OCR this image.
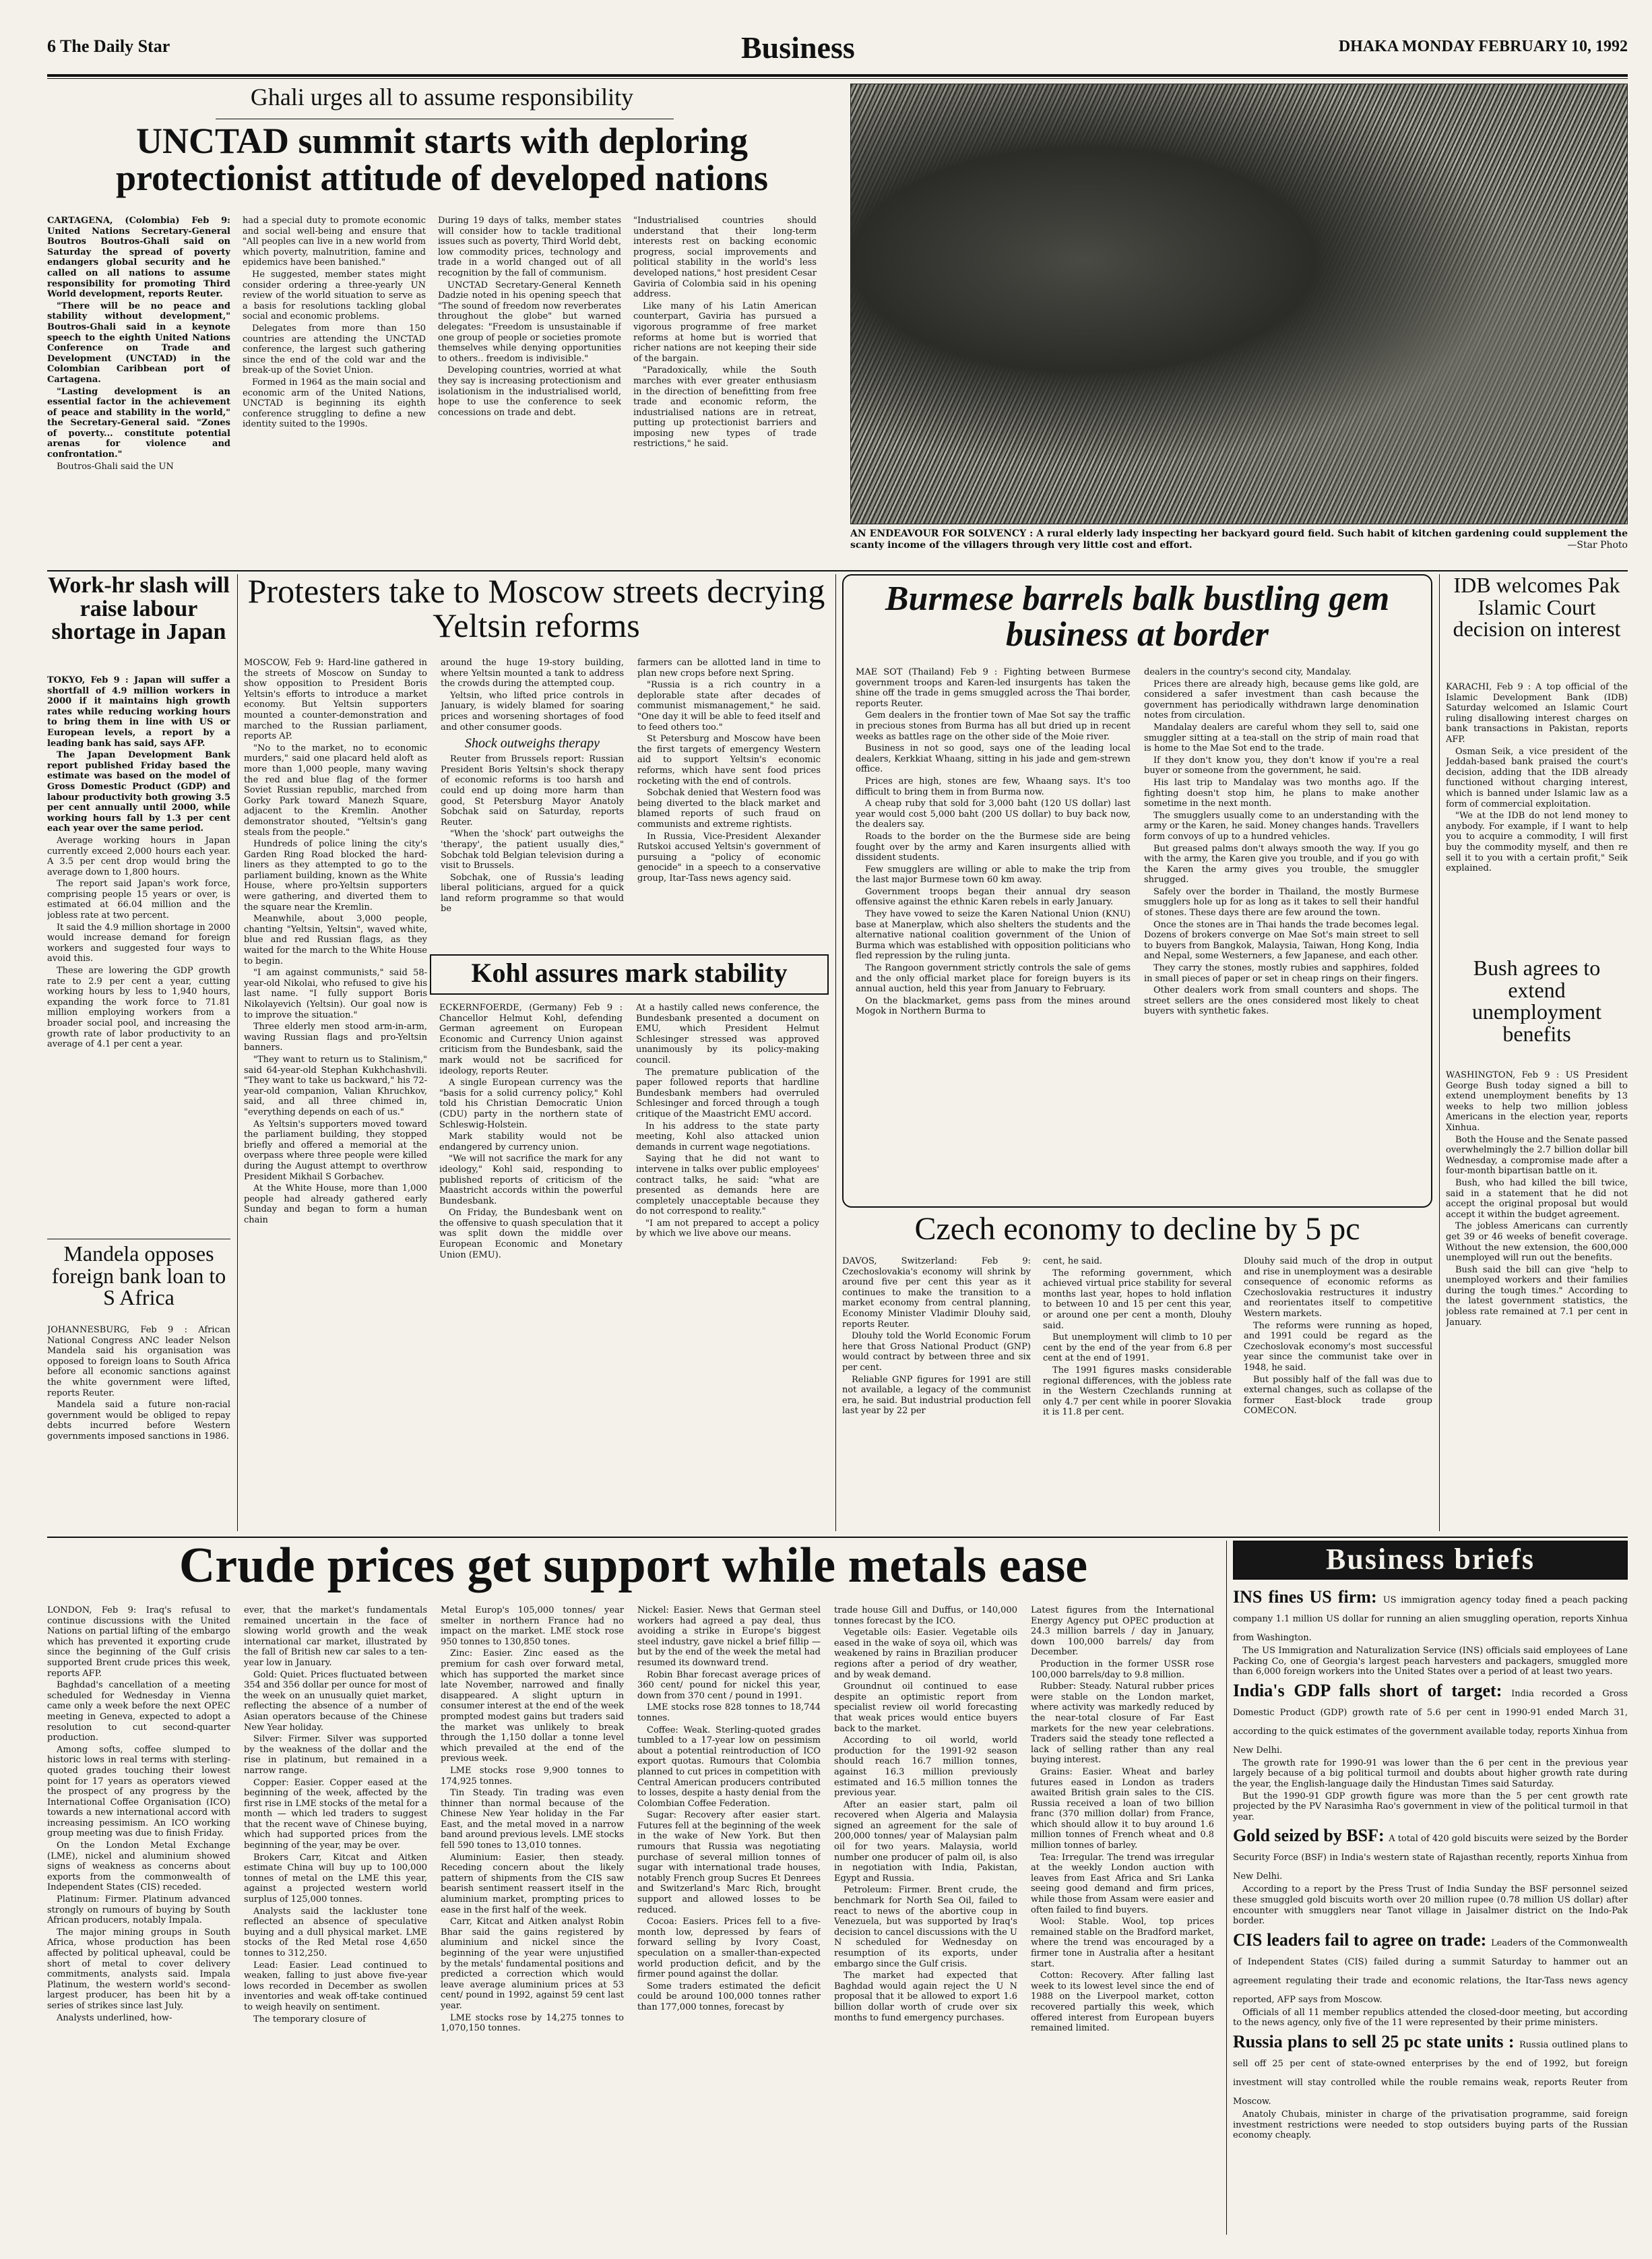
6 The Daily Star	Business	DHAKA MONDAY FEBRUARY 10, 1992
Ghali urges all to assume responsibility
UNCTAD summit starts with deploring protectionist attitude of developed nations

CARTAGENA, (Colombia) Feb 9: United Nations Secretary-General Boutros Boutros-Ghali said on Saturday the spread of poverty endangers global security and he called on all nations to assume responsibility for promoting Third World development, reports Reuter.

"There will be no peace and stability without development," Boutros-Ghali said in a keynote speech to the eighth United Nations Conference on Trade and Development (UNCTAD) in the Colombian Caribbean port of Cartagena.

"Lasting development is an essential factor in the achievement of peace and stability in the world," the Secretary-General said. "Zones of poverty... constitute potential arenas for violence and confrontation."

Boutros-Ghali said the UN

had a special duty to promote economic and social well-being and ensure that "All peoples can live in a new world from which poverty, malnutrition, famine and epidemics have been banished."

He suggested, member states might consider ordering a three-yearly UN review of the world situation to serve as a basis for resolutions tackling global social and economic problems.

Delegates from more than 150 countries are attending the UNCTAD conference, the largest such gathering since the end of the cold war and the break-up of the Soviet Union.

Formed in 1964 as the main social and economic arm of the United Nations, UNCTAD is beginning its eighth conference struggling to define a new identity suited to the 1990s.

During 19 days of talks, member states will consider how to tackle traditional issues such as poverty, Third World debt, low commodity prices, technology and trade in a world changed out of all recognition by the fall of communism.

UNCTAD Secretary-General Kenneth Dadzie noted in his opening speech that "The sound of freedom now reverberates throughout the globe" but warned delegates: "Freedom is unsustainable if one group of people or societies promote themselves while denying opportunities to others.. freedom is indivisible."

Developing countries, worried at what they say is increasing protectionism and isolationism in the industrialised world, hope to use the conference to seek concessions on trade and debt.

"Industrialised countries should understand that their long-term interests rest on backing economic progress, social improvements and political stability in the world's less developed nations," host president Cesar Gaviria of Colombia said in his opening address.

Like many of his Latin American counterpart, Gaviria has pursued a vigorous programme of free market reforms at home but is worried that richer nations are not keeping their side of the bargain.

"Paradoxically, while the South marches with ever greater enthusiasm in the direction of benefitting from free trade and economic reform, the industrialised nations are in retreat, putting up protectionist barriers and imposing new types of trade restrictions," he said.

AN ENDEAVOUR FOR SOLVENCY : A rural elderly lady inspecting her backyard gourd field. Such habit of kitchen gardening could supplement the scanty income of the villagers through very little cost and effort.	—Star Photo
Work-hr slash will raise labour shortage in Japan

TOKYO, Feb 9 : Japan will suffer a shortfall of 4.9 million workers in 2000 if it maintains high growth rates while reducing working hours to bring them in line with US or European levels, a report by a leading bank has said, says AFP.

The Japan Development Bank report published Friday based the estimate was based on the model of Gross Domestic Product (GDP) and labour productivity both growing 3.5 per cent annually until 2000, while working hours fall by 1.3 per cent each year over the same period.

Average working hours in Japan currently exceed 2,000 hours each year. A 3.5 per cent drop would bring the average down to 1,800 hours.

The report said Japan's work force, comprising people 15 years or over, is estimated at 66.04 million and the jobless rate at two percent.

It said the 4.9 million shortage in 2000 would increase demand for foreign workers and suggested four ways to avoid this.

These are lowering the GDP growth rate to 2.9 per cent a year, cutting working hours by less to 1,940 hours, expanding the work force to 71.81 million employing workers from a broader social pool, and increasing the growth rate of labor productivity to an average of 4.1 per cent a year.

Mandela opposes foreign bank loan to S Africa

JOHANNESBURG, Feb 9 : African National Congress ANC leader Nelson Mandela said his organisation was opposed to foreign loans to South Africa before all economic sanctions against the white government were lifted, reports Reuter.

Mandela said a future non-racial government would be obliged to repay debts incurred before Western governments imposed sanctions in 1986.

Protesters take to Moscow streets decrying Yeltsin reforms

MOSCOW, Feb 9: Hard-line gathered in the streets of Moscow on Sunday to show opposition to President Boris Yeltsin's efforts to introduce a market economy. But Yeltsin supporters mounted a counter-demonstration and marched to the Russian parliament, reports AP.

"No to the market, no to economic murders," said one placard held aloft as more than 1,000 people, many waving the red and blue flag of the former Soviet Russian republic, marched from Gorky Park toward Manezh Square, adjacent to the Kremlin. Another demonstrator shouted, "Yeltsin's gang steals from the people."

Hundreds of police lining the city's Garden Ring Road blocked the hard-liners as they attempted to go to the parliament building, known as the White House, where pro-Yeltsin supporters were gathering, and diverted them to the square near the Kremlin.

Meanwhile, about 3,000 people, chanting "Yeltsin, Yeltsin", waved white, blue and red Russian flags, as they waited for the march to the White House to begin.

"I am against communists," said 58-year-old Nikolai, who refused to give his last name. "I fully support Boris Nikolayevich (Yeltsin). Our goal now is to improve the situation."

Three elderly men stood arm-in-arm, waving Russian flags and pro-Yeltsin banners.

"They want to return us to Stalinism," said 64-year-old Stephan Kukhchashvili. "They want to take us backward," his 72-year-old companion, Valian Khruchkov, said, and all three chimed in, "everything depends on each of us."

As Yeltsin's supporters moved toward the parliament building, they stopped briefly and offered a memorial at the overpass where three people were killed during the August attempt to overthrow President Mikhail S Gorbachev.

At the White House, more than 1,000 people had already gathered early Sunday and began to form a human chain

around the huge 19-story building, where Yeltsin mounted a tank to address the crowds during the attempted coup.

Yeltsin, who lifted price controls in January, is widely blamed for soaring prices and worsening shortages of food and other consumer goods.

Shock outweighs therapy

Reuter from Brussels report: Russian President Boris Yeltsin's shock therapy of economic reforms is too harsh and could end up doing more harm than good, St Petersburg Mayor Anatoly Sobchak said on Saturday, reports Reuter.

"When the 'shock' part outweighs the 'therapy', the patient usually dies," Sobchak told Belgian television during a visit to Brussels.

Sobchak, one of Russia's leading liberal politicians, argued for a quick land reform programme so that would be

farmers can be allotted land in time to plan new crops before next Spring.

"Russia is a rich country in a deplorable state after decades of communist mismanagement," he said. "One day it will be able to feed itself and to feed others too."

St Petersburg and Moscow have been the first targets of emergency Western aid to support Yeltsin's economic reforms, which have sent food prices rocketing with the end of controls.

Sobchak denied that Western food was being diverted to the black market and blamed reports of such fraud on communists and extreme rightists.

In Russia, Vice-President Alexander Rutskoi accused Yeltsin's government of pursuing a "policy of economic genocide" in a speech to a conservative group, Itar-Tass news agency said.

Kohl assures mark stability

ECKERNFOERDE, (Germany) Feb 9 : Chancellor Helmut Kohl, defending German agreement on European Economic and Currency Union against criticism from the Bundesbank, said the mark would not be sacrificed for ideology, reports Reuter.

A single European currency was the "basis for a solid currency policy," Kohl told his Christian Democratic Union (CDU) party in the northern state of Schleswig-Holstein.

Mark stability would not be endangered by currency union.

"We will not sacrifice the mark for any ideology," Kohl said, responding to published reports of criticism of the Maastricht accords within the powerful Bundesbank.

On Friday, the Bundesbank went on the offensive to quash speculation that it was split down the middle over European Economic and Monetary Union (EMU).

At a hastily called news conference, the Bundesbank presented a document on EMU, which President Helmut Schlesinger stressed was approved unanimously by its policy-making council.

The premature publication of the paper followed reports that hardline Bundesbank members had overruled Schlesinger and forced through a tough critique of the Maastricht EMU accord.

In his address to the state party meeting, Kohl also attacked union demands in current wage negotiations.

Saying that he did not want to intervene in talks over public employees' contract talks, he said: "what are presented as demands here are completely unacceptable because they do not correspond to reality."

"I am not prepared to accept a policy by which we live above our means.

Burmese barrels balk bustling gem business at border

MAE SOT (Thailand) Feb 9 : Fighting between Burmese government troops and Karen-led insurgents has taken the shine off the trade in gems smuggled across the Thai border, reports Reuter.

Gem dealers in the frontier town of Mae Sot say the traffic in precious stones from Burma has all but dried up in recent weeks as battles rage on the other side of the Moie river.

Business in not so good, says one of the leading local dealers, Kerkkiat Whaang, sitting in his jade and gem-strewn office.

Prices are high, stones are few, Whaang says. It's too difficult to bring them in from Burma now.

A cheap ruby that sold for 3,000 baht (120 US dollar) last year would cost 5,000 baht (200 US dollar) to buy back now, the dealers say.

Roads to the border on the the Burmese side are being fought over by the army and Karen insurgents allied with dissident students.

Few smugglers are willing or able to make the trip from the last major Burmese town 60 km away.

Government troops began their annual dry season offensive against the ethnic Karen rebels in early January.

They have vowed to seize the Karen National Union (KNU) base at Manerplaw, which also shelters the students and the alternative national coalition government of the Union of Burma which was established with opposition politicians who fled repression by the ruling junta.

The Rangoon government strictly controls the sale of gems and the only official market place for foreign buyers is its annual auction, held this year from January to February.

On the blackmarket, gems pass from the mines around Mogok in Northern Burma to

dealers in the country's second city, Mandalay.

Prices there are already high, because gems like gold, are considered a safer investment than cash because the government has periodically withdrawn large denomination notes from circulation.

Mandalay dealers are careful whom they sell to, said one smuggler sitting at a tea-stall on the strip of main road that is home to the Mae Sot end to the trade.

If they don't know you, they don't know if you're a real buyer or someone from the government, he said.

His last trip to Mandalay was two months ago. If the fighting doesn't stop him, he plans to make another sometime in the next month.

The smugglers usually come to an understanding with the army or the Karen, he said. Money changes hands. Travellers form convoys of up to a hundred vehicles.

But greased palms don't always smooth the way. If you go with the army, the Karen give you trouble, and if you go with the Karen the army gives you trouble, the smuggler shrugged.

Safely over the border in Thailand, the mostly Burmese smugglers hole up for as long as it takes to sell their handful of stones. These days there are few around the town.

Once the stones are in Thai hands the trade becomes legal. Dozens of brokers converge on Mae Sot's main street to sell to buyers from Bangkok, Malaysia, Taiwan, Hong Kong, India and Nepal, some Westerners, a few Japanese, and each other.

They carry the stones, mostly rubies and sapphires, folded in small pieces of paper or set in cheap rings on their fingers.

Other dealers work from small counters and shops. The street sellers are the ones considered most likely to cheat buyers with synthetic fakes.

Czech economy to decline by 5 pc

DAVOS, Switzerland: Feb 9: Czechoslovakia's economy will shrink by around five per cent this year as it continues to make the transition to a market economy from central planning, Economy Minister Vladimir Dlouhy said, reports Reuter.

Dlouhy told the World Economic Forum here that Gross National Product (GNP) would contract by between three and six per cent.

Reliable GNP figures for 1991 are still not available, a legacy of the communist era, he said. But industrial production fell last year by 22 per

cent, he said.

The reforming government, which achieved virtual price stability for several months last year, hopes to hold inflation to between 10 and 15 per cent this year, or around one per cent a month, Dlouhy said.

But unemployment will climb to 10 per cent by the end of the year from 6.8 per cent at the end of 1991.

The 1991 figures masks considerable regional differences, with the jobless rate in the Western Czechlands running at only 4.7 per cent while in poorer Slovakia it is 11.8 per cent.

Dlouhy said much of the drop in output and rise in unemployment was a desirable consequence of economic reforms as Czechoslovakia restructures it industry and reorientates itself to competitive Western markets.

The reforms were running as hoped, and 1991 could be regard as the Czechoslovak economy's most successful year since the communist take over in 1948, he said.

But possibly half of the fall was due to external changes, such as collapse of the former East-block trade group COMECON.

IDB welcomes Pak Islamic Court decision on interest

KARACHI, Feb 9 : A top official of the Islamic Development Bank (IDB) Saturday welcomed an Islamic Court ruling disallowing interest charges on bank transactions in Pakistan, reports AFP.

Osman Seik, a vice president of the Jeddah-based bank praised the court's decision, adding that the IDB already functioned without charging interest, which is banned under Islamic law as a form of commercial exploitation.

"We at the IDB do not lend money to anybody. For example, if I want to help you to acquire a commodity, I will first buy the commodity myself, and then re sell it to you with a certain profit," Seik explained.

Bush agrees to extend unemployment benefits

WASHINGTON, Feb 9 : US President George Bush today signed a bill to extend unemployment benefits by 13 weeks to help two million jobless Americans in the election year, reports Xinhua.

Both the House and the Senate passed overwhelmingly the 2.7 billion dollar bill Wednesday, a compromise made after a four-month bipartisan battle on it.

Bush, who had killed the bill twice, said in a statement that he did not accept the original proposal but would accept it within the budget agreement.

The jobless Americans can currently get 39 or 46 weeks of benefit coverage. Without the new extension, the 600,000 unemployed will run out the benefits.

Bush said the bill can give "help to unemployed workers and their families during the tough times." According to the latest government statistics, the jobless rate remained at 7.1 per cent in January.

Crude prices get support while metals ease

LONDON, Feb 9: Iraq's refusal to continue discussions with the United Nations on partial lifting of the embargo which has prevented it exporting crude since the beginning of the Gulf crisis supported Brent crude prices this week, reports AFP.

Baghdad's cancellation of a meeting scheduled for Wednesday in Vienna came only a week before the next OPEC meeting in Geneva, expected to adopt a resolution to cut second-quarter production.

Among softs, coffee slumped to historic lows in real terms with sterling-quoted grades touching their lowest point for 17 years as operators viewed the prospect of any progress by the International Coffee Organisation (ICO) towards a new international accord with increasing pessimism. An ICO working group meeting was due to finish Friday.

On the London Metal Exchange (LME), nickel and aluminium showed signs of weakness as concerns about exports from the commonwealth of Independent States (CIS) receded.

Platinum: Firmer. Platinum advanced strongly on rumours of buying by South African producers, notably Impala.

The major mining groups in South Africa, whose production has been affected by political upheaval, could be short of metal to cover delivery commitments, analysts said. Impala Platinum, the western world's second-largest producer, has been hit by a series of strikes since last July.

Analysts underlined, how-

ever, that the market's fundamentals remained uncertain in the face of slowing world growth and the weak international car market, illustrated by the fall of British new car sales to a ten-year low in January.

Gold: Quiet. Prices fluctuated between 354 and 356 dollar per ounce for most of the week on an unusually quiet market, reflecting the absence of a number of Asian operators because of the Chinese New Year holiday.

Silver: Firmer. Silver was supported by the weakness of the dollar and the rise in platinum, but remained in a narrow range.

Copper: Easier. Copper eased at the beginning of the week, affected by the first rise in LME stocks of the metal for a month — which led traders to suggest that the recent wave of Chinese buying, which had supported prices from the beginning of the year, may be over.

Brokers Carr, Kitcat and Aitken estimate China will buy up to 100,000 tonnes of metal on the LME this year, against a projected western world surplus of 125,000 tonnes.

Analysts said the lackluster tone reflected an absence of speculative buying and a dull physical market. LME stocks of the Red Metal rose 4,650 tonnes to 312,250.

Lead: Easier. Lead continued to weaken, falling to just above five-year lows recorded in December as swollen inventories and weak off-take continued to weigh heavily on sentiment.

The temporary closure of

Metal Europ's 105,000 tonnes/ year smelter in northern France had no impact on the market. LME stock rose 950 tonnes to 130,850 tones.

Zinc: Easier. Zinc eased as the premium for cash over forward metal, which has supported the market since late November, narrowed and finally disappeared. A slight upturn in consumer interest at the end of the week prompted modest gains but traders said the market was unlikely to break through the 1,150 dollar a tonne level which prevailed at the end of the previous week.

LME stocks rose 9,900 tonnes to 174,925 tonnes.

Tin Steady. Tin trading was even thinner than normal because of the Chinese New Year holiday in the Far East, and the metal moved in a narrow band around previous levels. LME stocks fell 590 tones to 13,010 tonnes.

Aluminium: Easier, then steady. Receding concern about the likely pattern of shipments from the CIS saw bearish sentiment reassert itself in the aluminium market, prompting prices to ease in the first half of the week.

Carr, Kitcat and Aitken analyst Robin Bhar said the gains registered by aluminium and nickel since the beginning of the year were unjustified by the metals' fundamental positions and predicted a correction which would leave average aluminium prices at 53 cent/ pound in 1992, against 59 cent last year.

LME stocks rose by 14,275 tonnes to 1,070,150 tonnes.

Nickel: Easier. News that German steel workers had agreed a pay deal, thus avoiding a strike in Europe's biggest steel industry, gave nickel a brief fillip — but by the end of the week the metal had resumed its downward trend.

Robin Bhar forecast average prices of 360 cent/ pound for nickel this year, down from 370 cent / pound in 1991.

LME stocks rose 828 tonnes to 18,744 tonnes.

Coffee: Weak. Sterling-quoted grades tumbled to a 17-year low on pessimism about a potential reintroduction of ICO export quotas. Rumours that Colombia planned to cut prices in competition with Central American producers contributed to losses, despite a hasty denial from the Colombian Coffee Federation.

Sugar: Recovery after easier start. Futures fell at the beginning of the week in the wake of New York. But then rumours that Russia was negotiating purchase of several million tonnes of sugar with international trade houses, notably French group Sucres Et Denrees and Switzerland's Marc Rich, brought support and allowed losses to be reduced.

Cocoa: Easiers. Prices fell to a five-month low, depressed by fears of forward selling by Ivory Coast, speculation on a smaller-than-expected world production deficit, and by the firmer pound against the dollar.

Some traders estimated the deficit could be around 100,000 tonnes rather than 177,000 tonnes, forecast by

trade house Gill and Duffus, or 140,000 tonnes forecast by the ICO.

Vegetable oils: Easier. Vegetable oils eased in the wake of soya oil, which was weakened by rains in Brazilian producer regions after a period of dry weather, and by weak demand.

Groundnut oil continued to ease despite an optimistic report from specialist review oil world forecasting that weak prices would entice buyers back to the market.

According to oil world, world production for the 1991-92 season should reach 16.7 million tonnes, against 16.3 million previously estimated and 16.5 million tonnes the previous year.

After an easier start, palm oil recovered when Algeria and Malaysia signed an agreement for the sale of 200,000 tonnes/ year of Malaysian palm oil for two years. Malaysia, world number one producer of palm oil, is also in negotiation with India, Pakistan, Egypt and Russia.

Petroleum: Firmer. Brent crude, the benchmark for North Sea Oil, failed to react to news of the abortive coup in Venezuela, but was supported by Iraq's decision to cancel discussions with the U N scheduled for Wednesday on resumption of its exports, under embargo since the Gulf crisis.

The market had expected that Baghdad would again reject the U N proposal that it be allowed to export 1.6 billion dollar worth of crude over six months to fund emergency purchases.

Latest figures from the International Energy Agency put OPEC production at 24.3 million barrels / day in January, down 100,000 barrels/ day from December.

Production in the former USSR rose 100,000 barrels/day to 9.8 million.

Rubber: Steady. Natural rubber prices were stable on the London market, where activity was markedly reduced by the near-total closure of Far East markets for the new year celebrations. Traders said the steady tone reflected a lack of selling rather than any real buying interest.

Grains: Easier. Wheat and barley futures eased in London as traders awaited British grain sales to the CIS. Russia received a loan of two billion franc (370 million dollar) from France, which should allow it to buy around 1.6 million tonnes of French wheat and 0.8 million tonnes of barley.

Tea: Irregular. The trend was irregular at the weekly London auction with leaves from East Africa and Sri Lanka seeing good demand and firm prices, while those from Assam were easier and often failed to find buyers.

Wool: Stable. Wool, top prices remained stable on the Bradford market, where the trend was encouraged by a firmer tone in Australia after a hesitant start.

Cotton: Recovery. After falling last week to its lowest level since the end of 1988 on the Liverpool market, cotton recovered partially this week, which offered interest from European buyers remained limited.

Business briefs
INS fines US firm: US immigration agency today fined a peach packing company 1.1 million US dollar for running an alien smuggling operation, reports Xinhua from Washington.

The US Immigration and Naturalization Service (INS) officials said employees of Lane Packing Co, one of Georgia's largest peach harvesters and packagers, smuggled more than 6,000 foreign workers into the United States over a period of at least two years.

India's GDP falls short of target: India recorded a Gross Domestic Product (GDP) growth rate of 5.6 per cent in 1990-91 ended March 31, according to the quick estimates of the government available today, reports Xinhua from New Delhi.

The growth rate for 1990-91 was lower than the 6 per cent in the previous year largely because of a big political turmoil and doubts about higher growth rate during the year, the English-language daily the Hindustan Times said Saturday.

But the 1990-91 GDP growth figure was more than the 5 per cent growth rate projected by the PV Narasimha Rao's government in view of the political turmoil in that year.

Gold seized by BSF: A total of 420 gold biscuits were seized by the Border Security Force (BSF) in India's western state of Rajasthan recently, reports Xinhua from New Delhi.

According to a report by the Press Trust of India Sunday the BSF personnel seized these smuggled gold biscuits worth over 20 million rupee (0.78 million US dollar) after encounter with smugglers near Tanot village in Jaisalmer district on the Indo-Pak border.

CIS leaders fail to agree on trade: Leaders of the Commonwealth of Independent States (CIS) failed during a summit Saturday to hammer out an agreement regulating their trade and economic relations, the Itar-Tass news agency reported, AFP says from Moscow.

Officials of all 11 member republics attended the closed-door meeting, but according to the news agency, only five of the 11 were represented by their prime ministers.

Russia plans to sell 25 pc state units : Russia outlined plans to sell off 25 per cent of state-owned enterprises by the end of 1992, but foreign investment will stay controlled while the rouble remains weak, reports Reuter from Moscow.

Anatoly Chubais, minister in charge of the privatisation programme, said foreign investment restrictions were needed to stop outsiders buying parts of the Russian economy cheaply.
